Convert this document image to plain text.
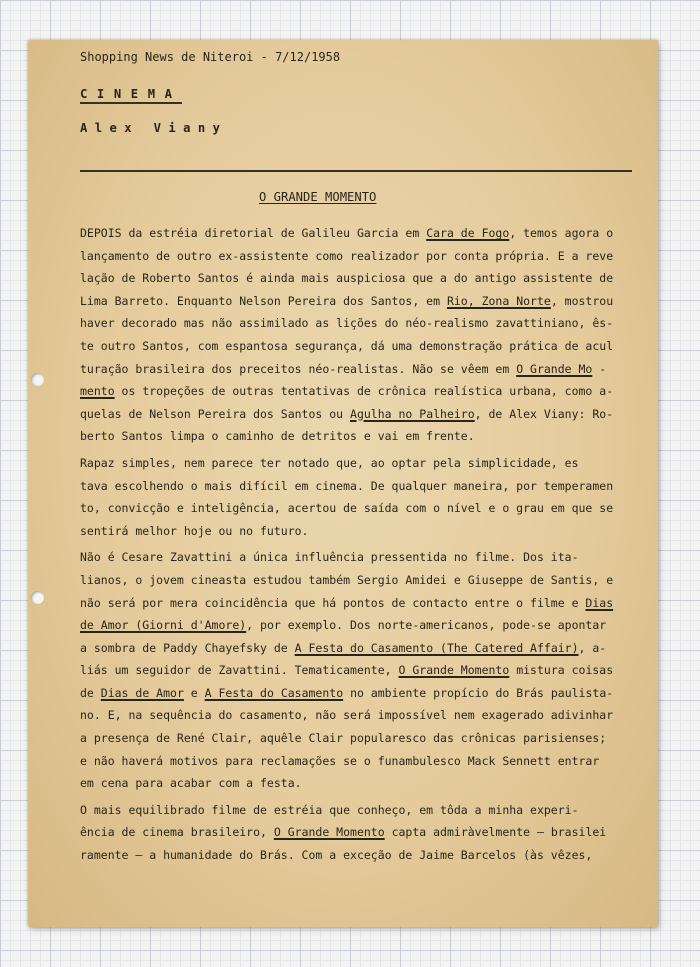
Shopping News de Niteroi - 7/12/1958
CINEMA
Alex Viany
O GRANDE MOMENTO
DEPOIS da estréia diretorial de Galileu Garcia em Cara de Fogo, temos agora o
lançamento de outro ex-assistente como realizador por conta própria. E a reve
lação de Roberto Santos é ainda mais auspiciosa que a do antigo assistente de
Lima Barreto. Enquanto Nelson Pereira dos Santos, em Rio, Zona Norte, mostrou
haver decorado mas não assimilado as lições do néo-realismo zavattiniano, ês-
te outro Santos, com espantosa segurança, dá uma demonstração prática de acul
turação brasileira dos preceitos néo-realistas. Não se vêem em O Grande Mo -
mento os tropeções de outras tentativas de crônica realística urbana, como a-
quelas de Nelson Pereira dos Santos ou Agulha no Palheiro, de Alex Viany: Ro-
berto Santos limpa o caminho de detritos e vai em frente.
Rapaz simples, nem parece ter notado que, ao optar pela simplicidade, es
tava escolhendo o mais difícil em cinema. De qualquer maneira, por temperamen
to, convicção e inteligência, acertou de saída com o nível e o grau em que se
sentirá melhor hoje ou no futuro.
Não é Cesare Zavattini a única influência pressentida no filme. Dos ita-
lianos, o jovem cineasta estudou também Sergio Amidei e Giuseppe de Santis, e
não será por mera coincidência que há pontos de contacto entre o filme e Dias
de Amor (Giorni d'Amore), por exemplo. Dos norte-americanos, pode-se apontar
a sombra de Paddy Chayefsky de A Festa do Casamento (The Catered Affair), a-
liás um seguidor de Zavattini. Tematicamente, O Grande Momento mistura coisas
de Dias de Amor e A Festa do Casamento no ambiente propício do Brás paulista-
no. E, na sequência do casamento, não será impossível nem exagerado adivinhar
a presença de René Clair, aquêle Clair popularesco das crônicas parisienses;
e não haverá motivos para reclamações se o funambulesco Mack Sennett entrar
em cena para acabar com a festa.
O mais equilibrado filme de estréia que conheço, em tôda a minha experi-
ência de cinema brasileiro, O Grande Momento capta admiràvelmente — brasilei
ramente — a humanidade do Brás. Com a exceção de Jaime Barcelos (às vêzes,
